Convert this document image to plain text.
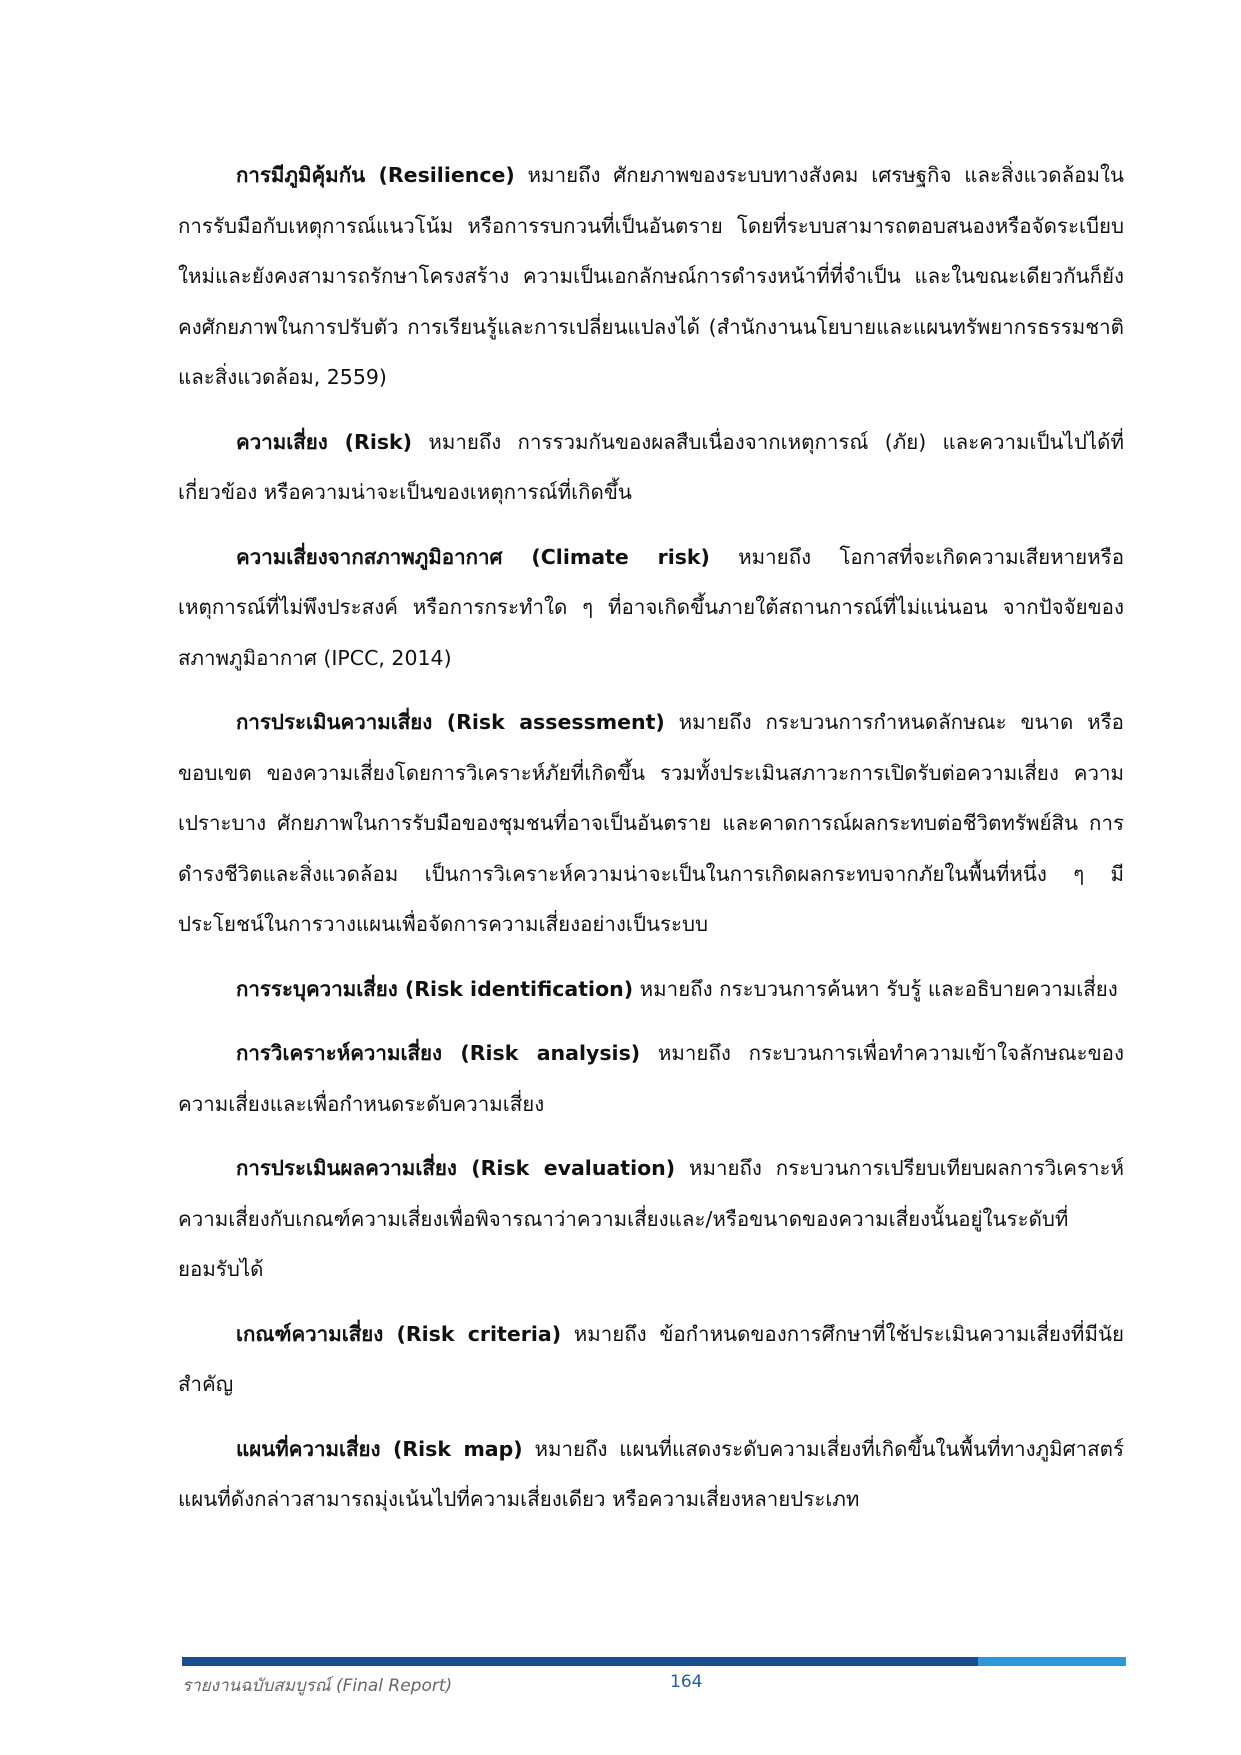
การมีภูมิคุ้มกัน (Resilience) หมายถึง ศักยภาพของระบบทางสังคม เศรษฐกิจ และสิ่งแวดล้อมในการรับมือกับเหตุการณ์แนวโน้ม หรือการรบกวนที่เป็นอันตราย โดยที่ระบบสามารถตอบสนองหรือจัดระเบียบใหม่และยังคงสามารถรักษาโครงสร้าง ความเป็นเอกลักษณ์การดำรงหน้าที่ที่จำเป็น และในขณะเดียวกันก็ยังคงศักยภาพในการปรับตัว การเรียนรู้และการเปลี่ยนแปลงได้ (สำนักงานนโยบายและแผนทรัพยากรธรรมชาติและสิ่งแวดล้อม, 2559)

ความเสี่ยง (Risk) หมายถึง การรวมกันของผลสืบเนื่องจากเหตุการณ์ (ภัย) และความเป็นไปได้ที่เกี่ยวข้อง หรือความน่าจะเป็นของเหตุการณ์ที่เกิดขึ้น

ความเสี่ยงจากสภาพภูมิอากาศ (Climate risk) หมายถึง โอกาสที่จะเกิดความเสียหายหรือเหตุการณ์ที่ไม่พึงประสงค์ หรือการกระทำใด ๆ ที่อาจเกิดขึ้นภายใต้สถานการณ์ที่ไม่แน่นอน จากปัจจัยของสภาพภูมิอากาศ (IPCC, 2014)

การประเมินความเสี่ยง (Risk assessment) หมายถึง กระบวนการกำหนดลักษณะ ขนาด หรือขอบเขต ของความเสี่ยงโดยการวิเคราะห์ภัยที่เกิดขึ้น รวมทั้งประเมินสภาวะการเปิดรับต่อความเสี่ยง ความเปราะบาง ศักยภาพในการรับมือของชุมชนที่อาจเป็นอันตราย และคาดการณ์ผลกระทบต่อชีวิตทรัพย์สิน การดำรงชีวิตและสิ่งแวดล้อม เป็นการวิเคราะห์ความน่าจะเป็นในการเกิดผลกระทบจากภัยในพื้นที่หนึ่ง ๆ มีประโยชน์ในการวางแผนเพื่อจัดการความเสี่ยงอย่างเป็นระบบ

การระบุความเสี่ยง (Risk identification) หมายถึง กระบวนการค้นหา รับรู้ และอธิบายความเสี่ยง

การวิเคราะห์ความเสี่ยง (Risk analysis) หมายถึง กระบวนการเพื่อทำความเข้าใจลักษณะของความเสี่ยงและเพื่อกำหนดระดับความเสี่ยง

การประเมินผลความเสี่ยง (Risk evaluation) หมายถึง กระบวนการเปรียบเทียบผลการวิเคราะห์ความเสี่ยงกับเกณฑ์ความเสี่ยงเพื่อพิจารณาว่าความเสี่ยงและ/หรือขนาดของความเสี่ยงนั้นอยู่ในระดับที่ยอมรับได้

เกณฑ์ความเสี่ยง (Risk criteria) หมายถึง ข้อกำหนดของการศึกษาที่ใช้ประเมินความเสี่ยงที่มีนัยสำคัญ

แผนที่ความเสี่ยง (Risk map) หมายถึง แผนที่แสดงระดับความเสี่ยงที่เกิดขึ้นในพื้นที่ทางภูมิศาสตร์ แผนที่ดังกล่าวสามารถมุ่งเน้นไปที่ความเสี่ยงเดียว หรือความเสี่ยงหลายประเภท

รายงานฉบับสมบูรณ์ (Final Report)	164
